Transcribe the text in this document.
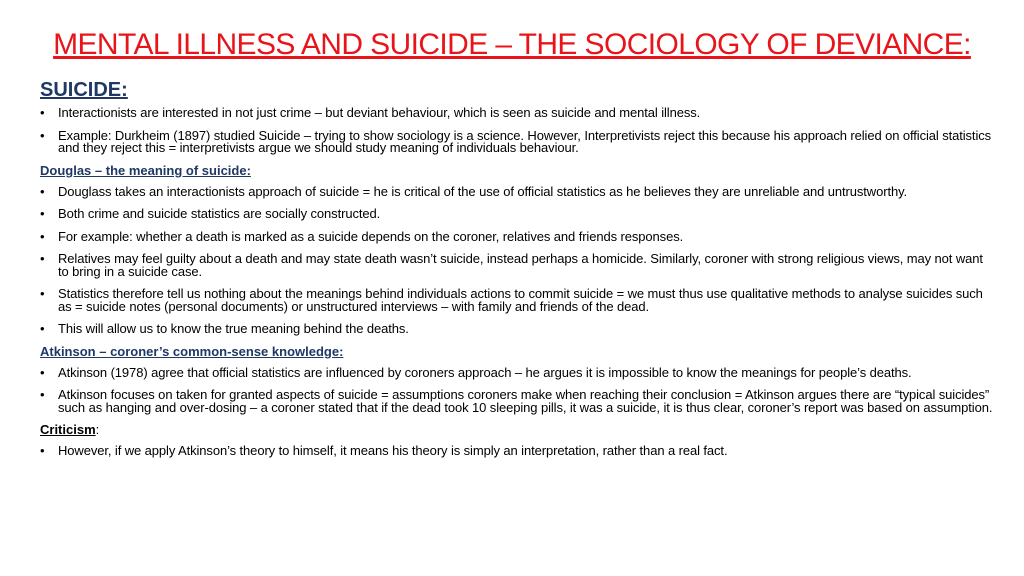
MENTAL ILLNESS AND SUICIDE – THE SOCIOLOGY OF DEVIANCE:
SUICIDE:
• Interactionists are interested in not just crime – but deviant behaviour, which is seen as suicide and mental illness.
• Example: Durkheim (1897) studied Suicide – trying to show sociology is a science. However, Interpretivists reject this because his approach relied on official statistics and they reject this = interpretivists argue we should study meaning of individuals behaviour.
Douglas – the meaning of suicide:
• Douglass takes an interactionists approach of suicide = he is critical of the use of official statistics as he believes they are unreliable and untrustworthy.
• Both crime and suicide statistics are socially constructed.
• For example: whether a death is marked as a suicide depends on the coroner, relatives and friends responses.
• Relatives may feel guilty about a death and may state death wasn’t suicide, instead perhaps a homicide. Similarly, coroner with strong religious views, may not want to bring in a suicide case.
• Statistics therefore tell us nothing about the meanings behind individuals actions to commit suicide = we must thus use qualitative methods to analyse suicides such as = suicide notes (personal documents) or unstructured interviews – with family and friends of the dead.
• This will allow us to know the true meaning behind the deaths.
Atkinson – coroner’s common-sense knowledge:
• Atkinson (1978) agree that official statistics are influenced by coroners approach – he argues it is impossible to know the meanings for people’s deaths.
• Atkinson focuses on taken for granted aspects of suicide = assumptions coroners make when reaching their conclusion = Atkinson argues there are “typical suicides” such as hanging and over-dosing – a coroner stated that if the dead took 10 sleeping pills, it was a suicide, it is thus clear, coroner’s report was based on assumption.
Criticism:
• However, if we apply Atkinson’s theory to himself, it means his theory is simply an interpretation, rather than a real fact.
